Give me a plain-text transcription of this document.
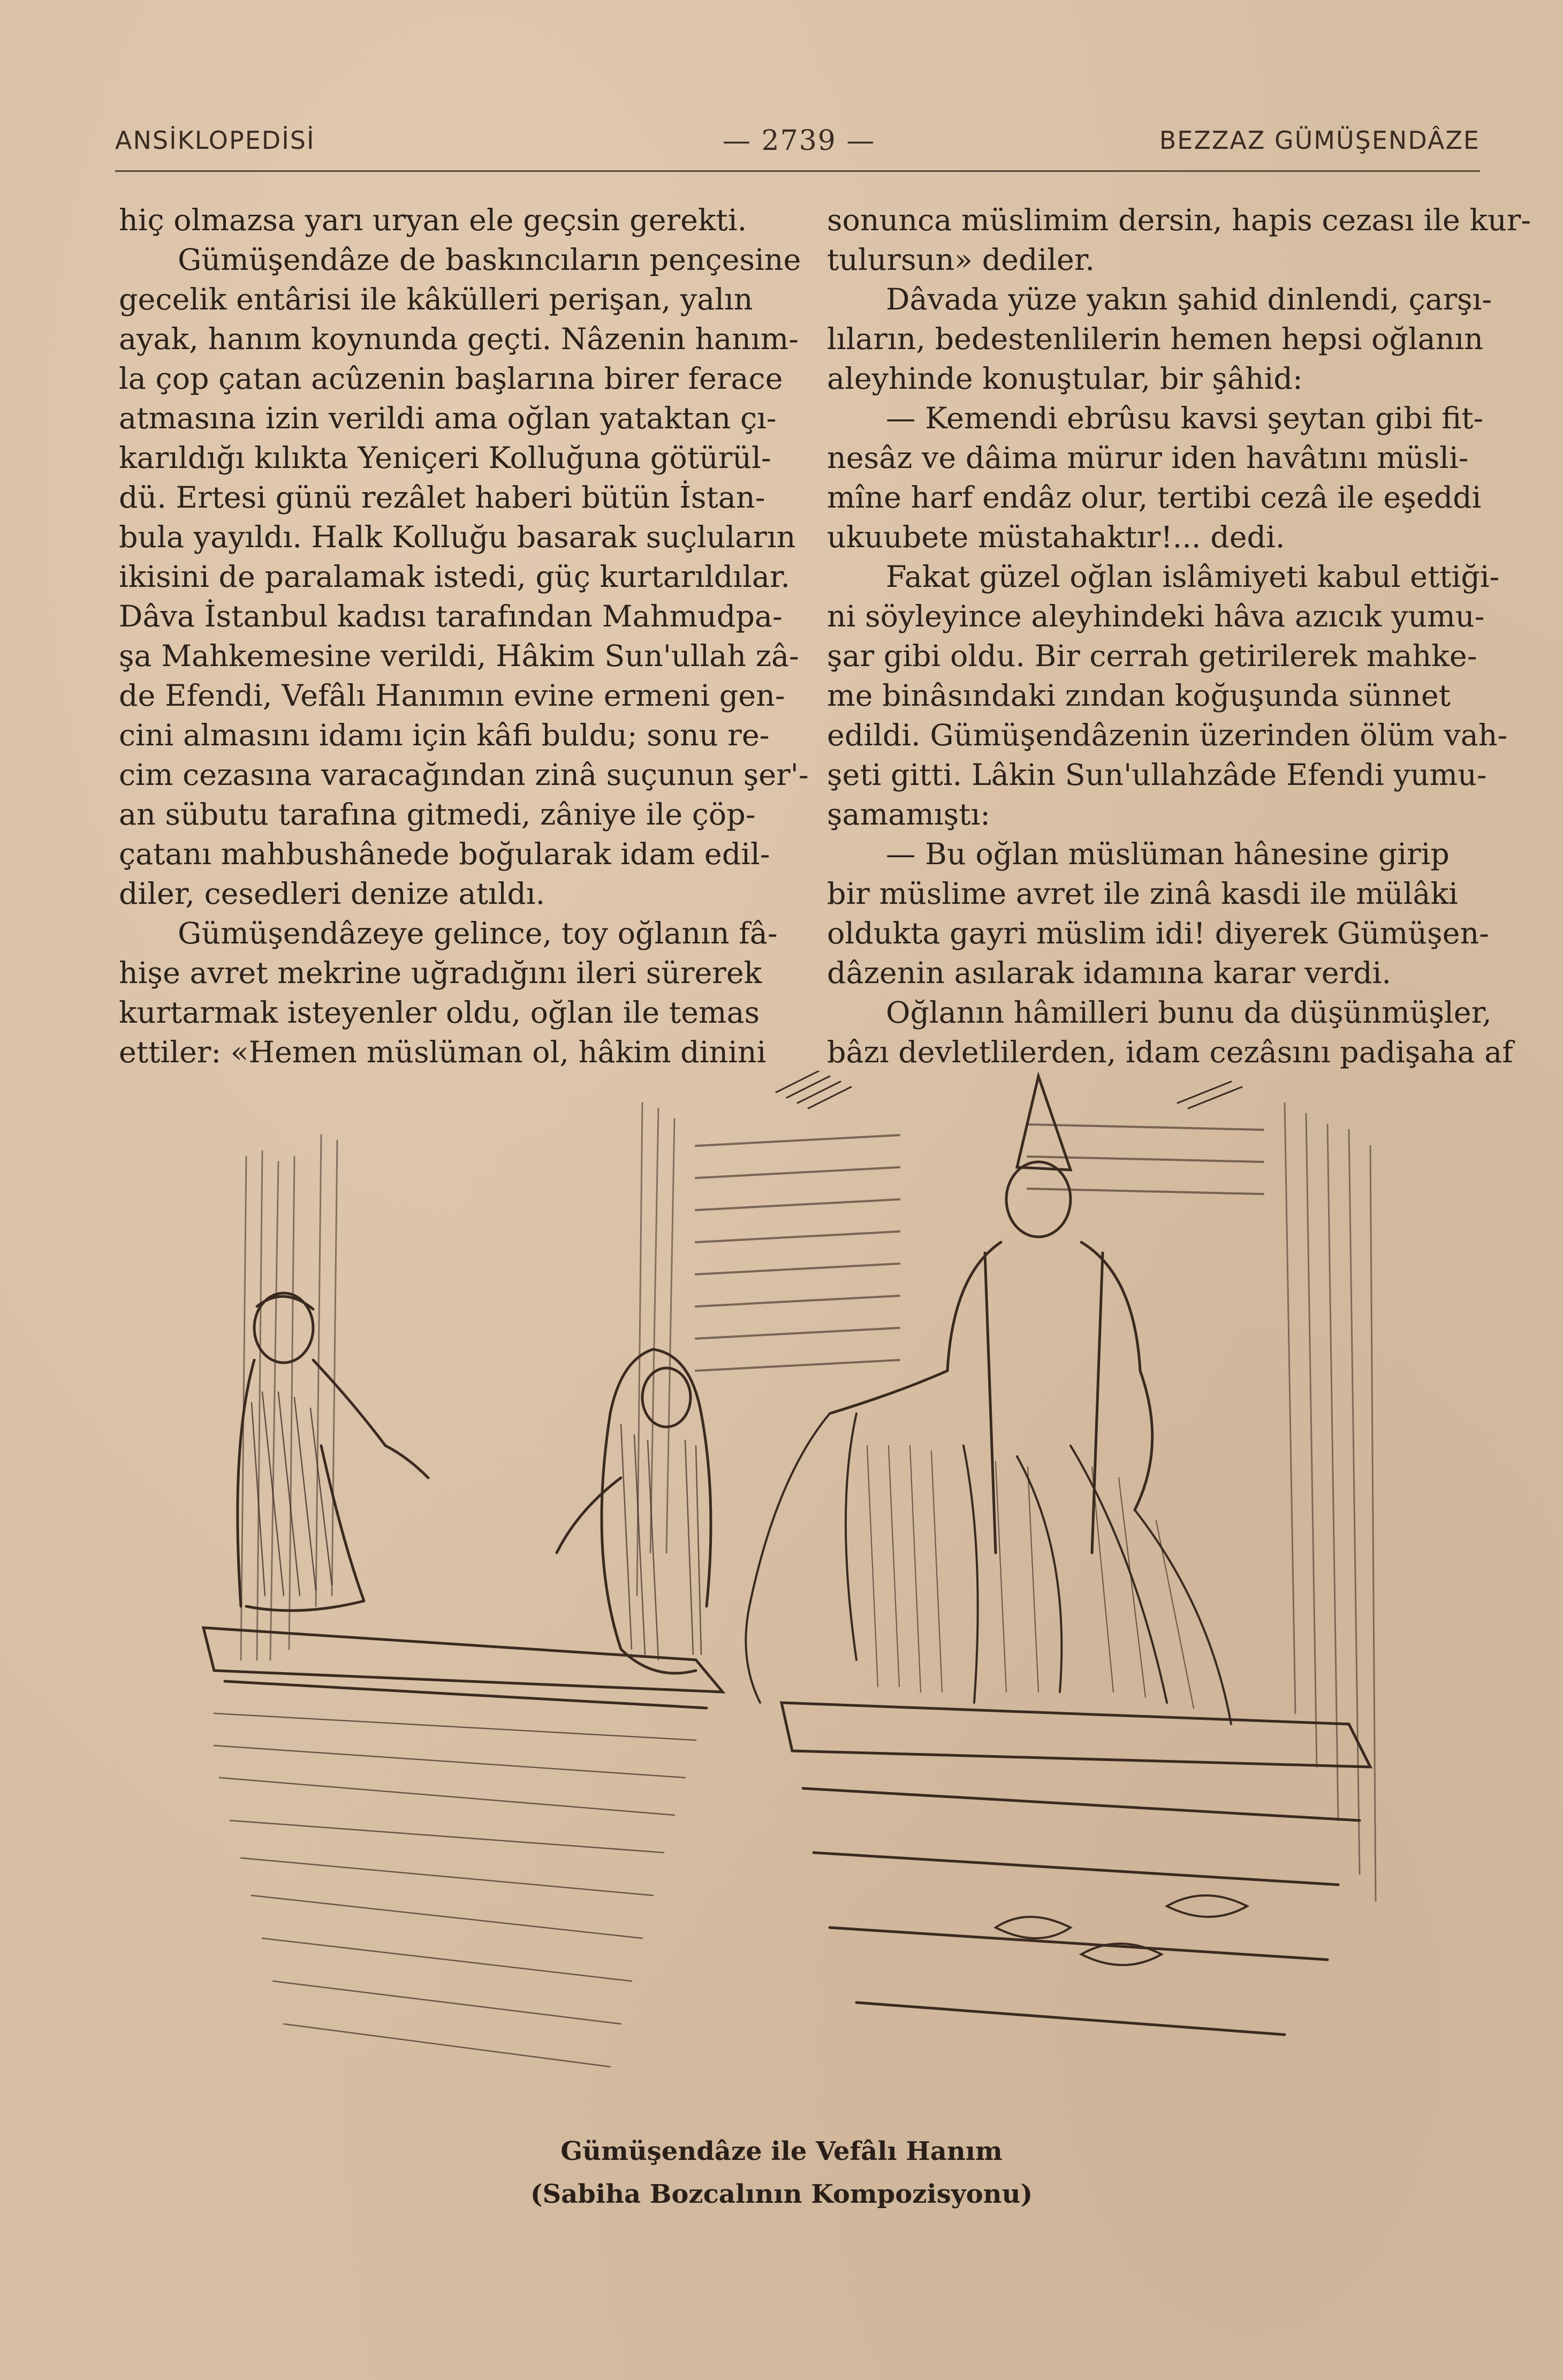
ANSİKLOPEDİSİ	— 2739 —	BEZZAZ GÜMÜŞENDÂZE
hiç olmazsa yarı uryan ele geçsin gerekti.
Gümüşendâze de baskıncıların pençesine
gecelik entârisi ile kâkülleri perişan, yalın
ayak, hanım koynunda geçti. Nâzenin hanım-
la çop çatan acûzenin başlarına birer ferace
atmasına izin verildi ama oğlan yataktan çı-
karıldığı kılıkta Yeniçeri Kolluğuna götürül-
dü. Ertesi günü rezâlet haberi bütün İstan-
bula yayıldı. Halk Kolluğu basarak suçluların
ikisini de paralamak istedi, güç kurtarıldılar.
Dâva İstanbul kadısı tarafından Mahmudpa-
şa Mahkemesine verildi, Hâkim Sun'ullah zâ-
de Efendi, Vefâlı Hanımın evine ermeni gen-
cini almasını idamı için kâfi buldu; sonu re-
cim cezasına varacağından zinâ suçunun şer'-
an sübutu tarafına gitmedi, zâniye ile çöp-
çatanı mahbushânede boğularak idam edil-
diler, cesedleri denize atıldı.
Gümüşendâzeye gelince, toy oğlanın fâ-
hişe avret mekrine uğradığını ileri sürerek
kurtarmak isteyenler oldu, oğlan ile temas
ettiler: «Hemen müslüman ol, hâkim dinini
sonunca müslimim dersin, hapis cezası ile kur-
tulursun» dediler.
Dâvada yüze yakın şahid dinlendi, çarşı-
lıların, bedestenlilerin hemen hepsi oğlanın
aleyhinde konuştular, bir şâhid:
— Kemendi ebrûsu kavsi şeytan gibi fit-
nesâz ve dâima mürur iden havâtını müsli-
mîne harf endâz olur, tertibi cezâ ile eşeddi
ukuubete müstahaktır!... dedi.
Fakat güzel oğlan islâmiyeti kabul ettiği-
ni söyleyince aleyhindeki hâva azıcık yumu-
şar gibi oldu. Bir cerrah getirilerek mahke-
me binâsındaki zından koğuşunda sünnet
edildi. Gümüşendâzenin üzerinden ölüm vah-
şeti gitti. Lâkin Sun'ullahzâde Efendi yumu-
şamamıştı:
— Bu oğlan müslüman hânesine girip
bir müslime avret ile zinâ kasdi ile mülâki
oldukta gayri müslim idi! diyerek Gümüşen-
dâzenin asılarak idamına karar verdi.
Oğlanın hâmilleri bunu da düşünmüşler,
bâzı devletlilerden, idam cezâsını padişaha af
Gümüşendâze ile Vefâlı Hanım
(Sabiha Bozcalının Kompozisyonu)
